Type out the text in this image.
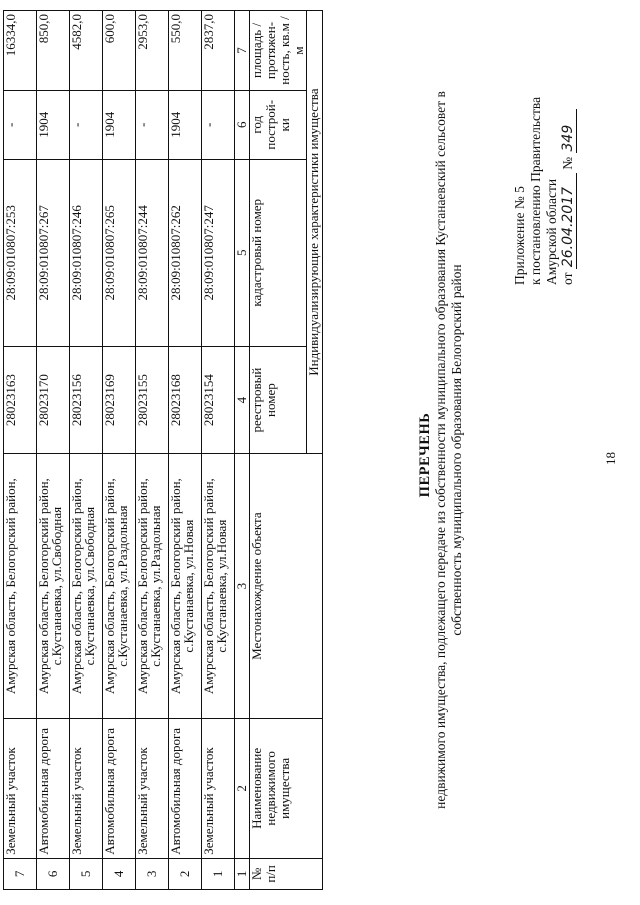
18
Приложение № 5 к постановлению Правительства Амурской области от 26.04.2017 № 349
ПЕРЕЧЕНЬ недвижимого имущества, подлежащего передаче из собственности муниципального образования Кустанаевский сельсовет в собственность муниципального образования Белогорский район
7	Земельный участок	Амурская область, Белогорский район,	28023163	28:09:010807:253	-	16334,0
6	Автомобильная дорога	Амурская область, Белогорский район,
с.Кустанаевка, ул.Свободная	28023170	28:09:010807:267	1904	850,0
5	Земельный участок	Амурская область, Белогорский район,
с.Кустанаевка, ул.Свободная	28023156	28:09:010807:246	-	4582,0
4	Автомобильная дорога	Амурская область, Белогорский район,
с.Кустанаевка, ул.Раздольная	28023169	28:09:010807:265	1904	600,0
3	Земельный участок	Амурская область, Белогорский район,
с.Кустанаевка, ул.Раздольная	28023155	28:09:010807:244	-	2953,0
2	Автомобильная дорога	Амурская область, Белогорский район,
с.Кустанаевка, ул.Новая	28023168	28:09:010807:262	1904	550,0
1	Земельный участок	Амурская область, Белогорский район,
с.Кустанаевка, ул.Новая	28023154	28:09:010807:247	-	2837,0
1	2	3	4	5	6	7
№ п/п	Наименование недвижимого имущества	Местонахождение объекта	реестровый номер	кадастровый номер	год построй-ки	площадь / протяжен-ность, кв.м / м
			Индивидуализирующие характеристики имущества			
